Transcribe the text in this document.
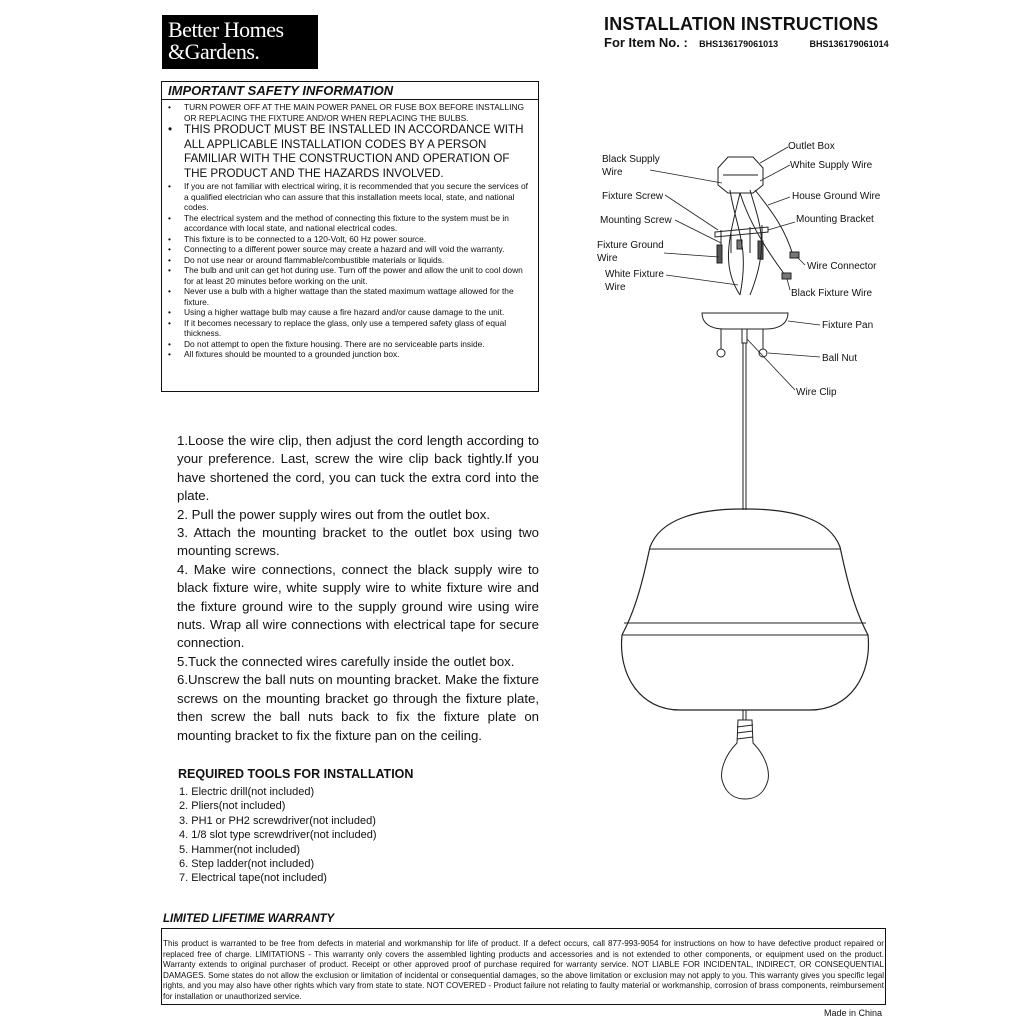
Better Homes
&Gardens.
INSTALLATION INSTRUCTIONS
For Item No. : BHS136179061013	BHS136179061014
IMPORTANT SAFETY INFORMATION
• TURN POWER OFF AT THE MAIN POWER PANEL OR FUSE BOX BEFORE INSTALLING OR REPLACING THE FIXTURE AND/OR WHEN REPLACING THE BULBS.
• THIS PRODUCT MUST BE INSTALLED IN ACCORDANCE WITH ALL APPLICABLE INSTALLATION CODES BY A PERSON FAMILIAR WITH THE CONSTRUCTION AND OPERATION OF THE PRODUCT AND THE HAZARDS INVOLVED.
• If you are not familiar with electrical wiring, it is recommended that you secure the services of a qualified electrician who can assure that this installation meets local, state, and national codes.
• The electrical system and the method of connecting this fixture to the system must be in accordance with local state, and national electrical codes.
• This fixture is to be connected to a 120-Volt, 60 Hz power source.
• Connecting to a different power source may create a hazard and will void the warranty.
• Do not use near or around flammable/combustible materials or liquids.
• The bulb and unit can get hot during use. Turn off the power and allow the unit to cool down for at least 20 minutes before working on the unit.
• Never use a bulb with a higher wattage than the stated maximum wattage allowed for the fixture.
• Using a higher wattage bulb may cause a fire hazard and/or cause damage to the unit.
• If it becomes necessary to replace the glass, only use a tempered safety glass of equal thickness.
• Do not attempt to open the fixture housing. There are no serviceable parts inside.
• All fixtures should be mounted to a grounded junction box.

1.Loose the wire clip, then adjust the cord length according to your preference. Last, screw the wire clip back tightly.If you have shortened the cord, you can tuck the extra cord into the plate.

2. Pull the power supply wires out from the outlet box.

3. Attach the mounting bracket to the outlet box using two mounting screws.

4. Make wire connections, connect the black supply wire to black fixture wire, white supply wire to white fixture wire and the fixture ground wire to the supply ground wire using wire nuts. Wrap all wire connections with electrical tape for secure connection.

5.Tuck the connected wires carefully inside the outlet box.

6.Unscrew the ball nuts on mounting bracket. Make the fixture screws on the mounting bracket go through the fixture plate, then screw the ball nuts back to fix the fixture plate on mounting bracket to fix the fixture pan on the ceiling.

REQUIRED TOOLS FOR INSTALLATION
1. Electric drill(not included)
2. Pliers(not included)
3. PH1 or PH2 screwdriver(not included)
4. 1/8 slot type screwdriver(not included)
5. Hammer(not included)
6. Step ladder(not included)
7. Electrical tape(not included)
Black Supply
Wire
Fixture Screw
Mounting Screw
Fixture Ground
Wire
White Fixture
Wire
Outlet Box
White Supply Wire
House Ground Wire
Mounting Bracket
Wire Connector
Black Fixture Wire
Fixture Pan
Ball Nut
Wire Clip
LIMITED LIFETIME WARRANTY
This product is warranted to be free from defects in material and workmanship for life of product. If a defect occurs, call 877-993-9054 for instructions on how to have defective product repaired or replaced free of charge. LIMITATIONS - This warranty only covers the assembled lighting products and accessories and is not extended to other components, or equipment used on the product. Warranty extends to original purchaser of product. Receipt or other approved proof of purchase required for warranty service. NOT LIABLE FOR INCIDENTAL, INDIRECT, OR CONSEQUENTIAL DAMAGES. Some states do not allow the exclusion or limitation of incidental or consequential damages, so the above limitation or exclusion may not apply to you. This warranty gives you specific legal rights, and you may also have other rights which vary from state to state. NOT COVERED - Product failure not relating to faulty material or workmanship, corrosion of brass components, reimbursement for installation or unauthorized service.
Made in China
